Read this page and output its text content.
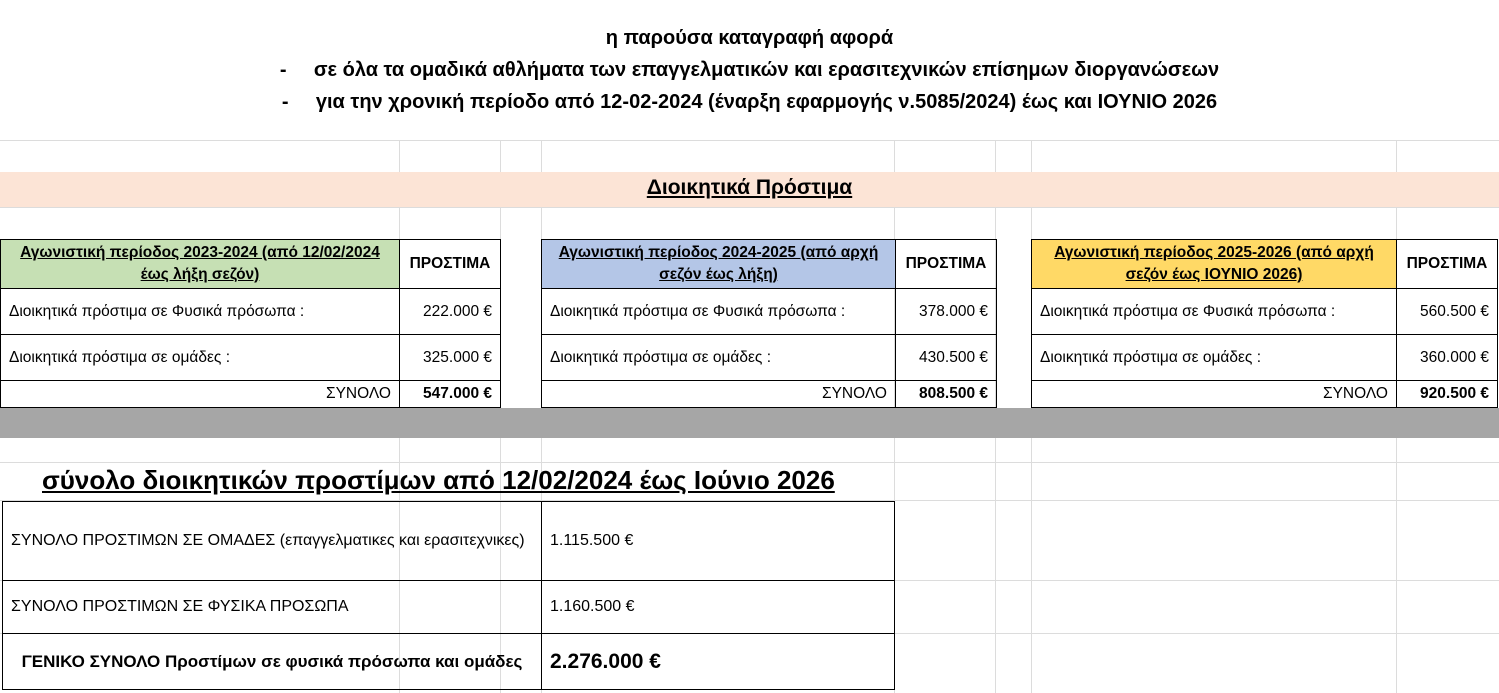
η παρούσα καταγραφή αφορά
- σε όλα τα ομαδικά αθλήματα των επαγγελματικών και ερασιτεχνικών επίσημων διοργανώσεων
- για την χρονική περίοδο από 12-02-2024 (έναρξη εφαρμογής ν.5085/2024) έως και ΙΟΥΝΙΟ 2026
Διοικητικά Πρόστιμα
Αγωνιστική περίοδος 2023-2024 (από 12/02/2024 έως λήξη σεζόν)	ΠΡΟΣΤΙΜΑ
Διοικητικά πρόστιμα σε Φυσικά πρόσωπα :	222.000 €
Διοικητικά πρόστιμα σε ομάδες :	325.000 €
ΣΥΝΟΛΟ	547.000 €
Αγωνιστική περίοδος 2024-2025 (από αρχή σεζόν έως λήξη)	ΠΡΟΣΤΙΜΑ
Διοικητικά πρόστιμα σε Φυσικά πρόσωπα :	378.000 €
Διοικητικά πρόστιμα σε ομάδες :	430.500 €
ΣΥΝΟΛΟ	808.500 €
Αγωνιστική περίοδος 2025-2026 (από αρχή σεζόν έως ΙΟΥΝΙΟ 2026)	ΠΡΟΣΤΙΜΑ
Διοικητικά πρόστιμα σε Φυσικά πρόσωπα :	560.500 €
Διοικητικά πρόστιμα σε ομάδες :	360.000 €
ΣΥΝΟΛΟ	920.500 €
σύνολο διοικητικών προστίμων από 12/02/2024 έως Ιούνιο 2026
ΣΥΝΟΛΟ ΠΡΟΣΤΙΜΩΝ ΣΕ ΟΜΑΔΕΣ (επαγγελματικες και ερασιτεχνικες)	1.115.500 €
ΣΥΝΟΛΟ ΠΡΟΣΤΙΜΩΝ ΣΕ ΦΥΣΙΚΑ ΠΡΟΣΩΠΑ	1.160.500 €
ΓΕΝΙΚΟ ΣΥΝΟΛΟ Προστίμων σε φυσικά πρόσωπα και ομάδες	2.276.000 €
